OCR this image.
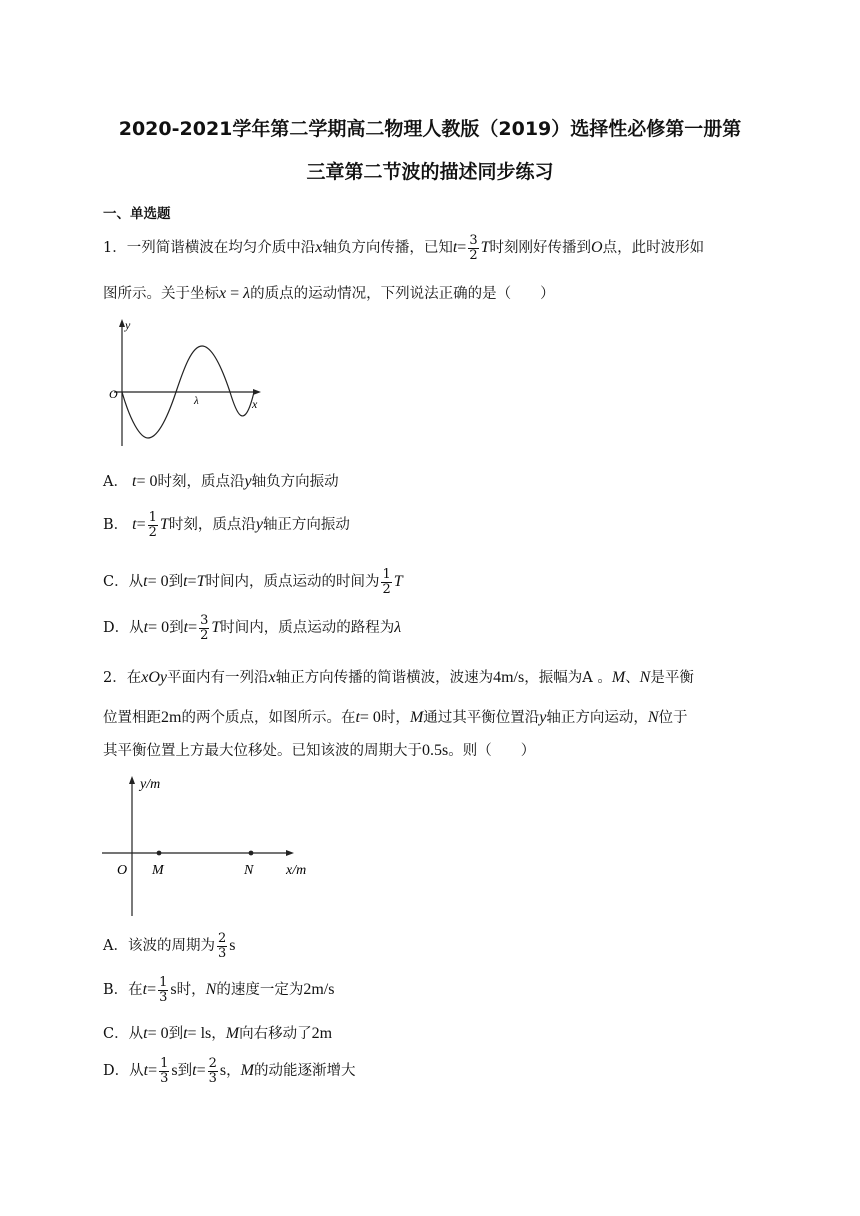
2020-2021学年第二学期高二物理人教版（2019）选择性必修第一册第
三章第二节波的描述同步练习
一、单选题
1．一列简谐横波在均匀介质中沿x轴负方向传播，已知$t= \frac{3}{2}$ T时刻刚好传播到O点，此时波形如
图所示。关于坐标x = λ的质点的运动情况，下列说法正确的是（　　）
y
O	λ	x
A． t= 0时刻，质点沿y轴负方向振动
B． $t= \frac{1}{2}$ T时刻，质点沿y轴正方向振动
C．从t= 0到t=T时间内，质点运动的时间为 $\frac{1}{2}$ T
D．从t= 0到$t= \frac{3}{2}$ T时间内，质点运动的路程为λ
2．在xOy平面内有一列沿x轴正方向传播的简谐横波，波速为4m/s，振幅为A 。M、N是平衡
位置相距2m的两个质点，如图所示。在t= 0时，M通过其平衡位置沿y轴正方向运动，N位于
其平衡位置上方最大位移处。已知该波的周期大于0.5s。则（　　）
y/m
O M	N x/m
A．该波的周期为 $\frac{2}{3}$ s
B．在$t= \frac{1}{3}$ s时，N的速度一定为2m/s
C．从t= 0到t= ls，M向右移动了2m
D．从$t= \frac{1}{3}$ s到$t= \frac{2}{3}$ s，M的动能逐渐增大
